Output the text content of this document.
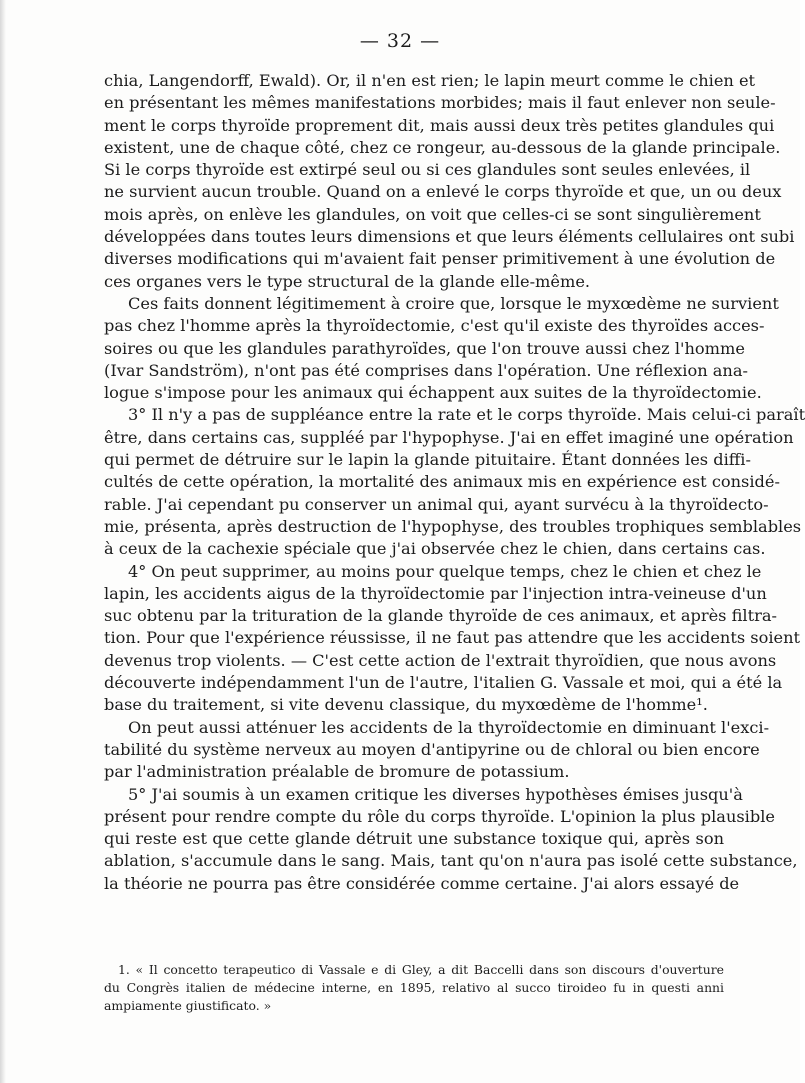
— 32 —
chia, Langendorff, Ewald). Or, il n'en est rien; le lapin meurt comme le chien et
en présentant les mêmes manifestations morbides; mais il faut enlever non seule-
ment le corps thyroïde proprement dit, mais aussi deux très petites glandules qui
existent, une de chaque côté, chez ce rongeur, au-dessous de la glande principale.
Si le corps thyroïde est extirpé seul ou si ces glandules sont seules enlevées, il
ne survient aucun trouble. Quand on a enlevé le corps thyroïde et que, un ou deux
mois après, on enlève les glandules, on voit que celles-ci se sont singulièrement
développées dans toutes leurs dimensions et que leurs éléments cellulaires ont subi
diverses modifications qui m'avaient fait penser primitivement à une évolution de
ces organes vers le type structural de la glande elle-même.
Ces faits donnent légitimement à croire que, lorsque le myxœdème ne survient
pas chez l'homme après la thyroïdectomie, c'est qu'il existe des thyroïdes acces-
soires ou que les glandules parathyroïdes, que l'on trouve aussi chez l'homme
(Ivar Sandström), n'ont pas été comprises dans l'opération. Une réflexion ana-
logue s'impose pour les animaux qui échappent aux suites de la thyroïdectomie.
3° Il n'y a pas de suppléance entre la rate et le corps thyroïde. Mais celui-ci paraît
être, dans certains cas, suppléé par l'hypophyse. J'ai en effet imaginé une opération
qui permet de détruire sur le lapin la glande pituitaire. Étant données les diffi-
cultés de cette opération, la mortalité des animaux mis en expérience est considé-
rable. J'ai cependant pu conserver un animal qui, ayant survécu à la thyroïdecto-
mie, présenta, après destruction de l'hypophyse, des troubles trophiques semblables
à ceux de la cachexie spéciale que j'ai observée chez le chien, dans certains cas.
4° On peut supprimer, au moins pour quelque temps, chez le chien et chez le
lapin, les accidents aigus de la thyroïdectomie par l'injection intra-veineuse d'un
suc obtenu par la trituration de la glande thyroïde de ces animaux, et après filtra-
tion. Pour que l'expérience réussisse, il ne faut pas attendre que les accidents soient
devenus trop violents. — C'est cette action de l'extrait thyroïdien, que nous avons
découverte indépendamment l'un de l'autre, l'italien G. Vassale et moi, qui a été la
base du traitement, si vite devenu classique, du myxœdème de l'homme¹.
On peut aussi atténuer les accidents de la thyroïdectomie en diminuant l'exci-
tabilité du système nerveux au moyen d'antipyrine ou de chloral ou bien encore
par l'administration préalable de bromure de potassium.
5° J'ai soumis à un examen critique les diverses hypothèses émises jusqu'à
présent pour rendre compte du rôle du corps thyroïde. L'opinion la plus plausible
qui reste est que cette glande détruit une substance toxique qui, après son
ablation, s'accumule dans le sang. Mais, tant qu'on n'aura pas isolé cette substance,
la théorie ne pourra pas être considérée comme certaine. J'ai alors essayé de
1. « Il concetto terapeutico di Vassale e di Gley, a dit Baccelli dans son discours d'ouverture
du Congrès italien de médecine interne, en 1895, relativo al succo tiroideo fu in questi anni
ampiamente giustificato. »
